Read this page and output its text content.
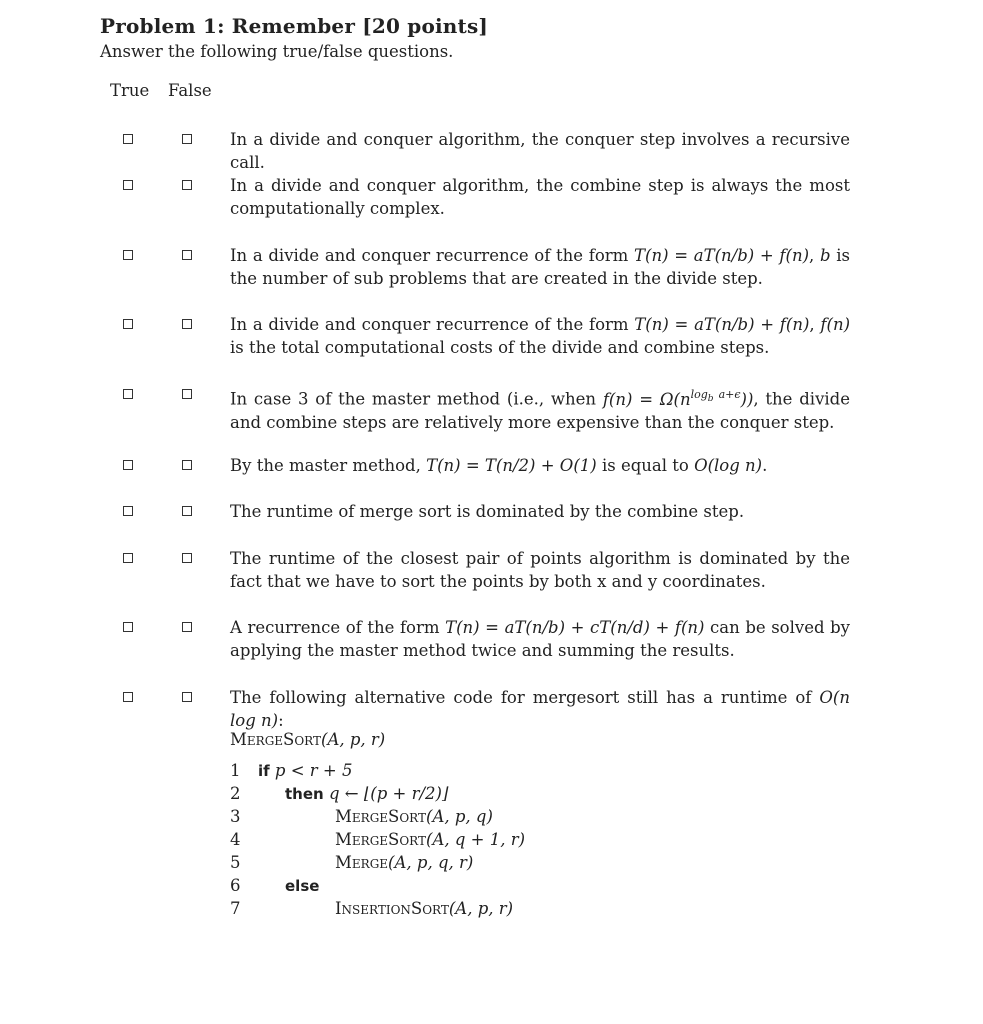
Problem 1: Remember [20 points]
Answer the following true/false questions.
True False
In a divide and conquer algorithm, the conquer step involves a recursive call.
In a divide and conquer algorithm, the combine step is always the most computationally complex.
In a divide and conquer recurrence of the form T(n) = aT(n/b) + f(n), b is the number of sub problems that are created in the divide step.
In a divide and conquer recurrence of the form T(n) = aT(n/b) + f(n), f(n) is the total computational costs of the divide and combine steps.
In case 3 of the master method (i.e., when $f(n) = \Omega(n^{log_b a+\epsilon})$), the divide and combine steps are relatively more expensive than the conquer step.
By the master method, T(n) = T(n/2) + O(1) is equal to O(log n).
The runtime of merge sort is dominated by the combine step.
The runtime of the closest pair of points algorithm is dominated by the fact that we have to sort the points by both x and y coordinates.
A recurrence of the form T(n) = aT(n/b) + cT(n/d) + f(n) can be solved by applying the master method twice and summing the results.
The following alternative code for mergesort still has a runtime of O(n log n):
MergeSort(A, p, r)
1 if p < r + 5
2	then q ← ⌊(p + r/2)⌋
3	MergeSort(A, p, q)
4	MergeSort(A, q + 1, r)
5	Merge(A, p, q, r)
6	else
7	InsertionSort(A, p, r)
